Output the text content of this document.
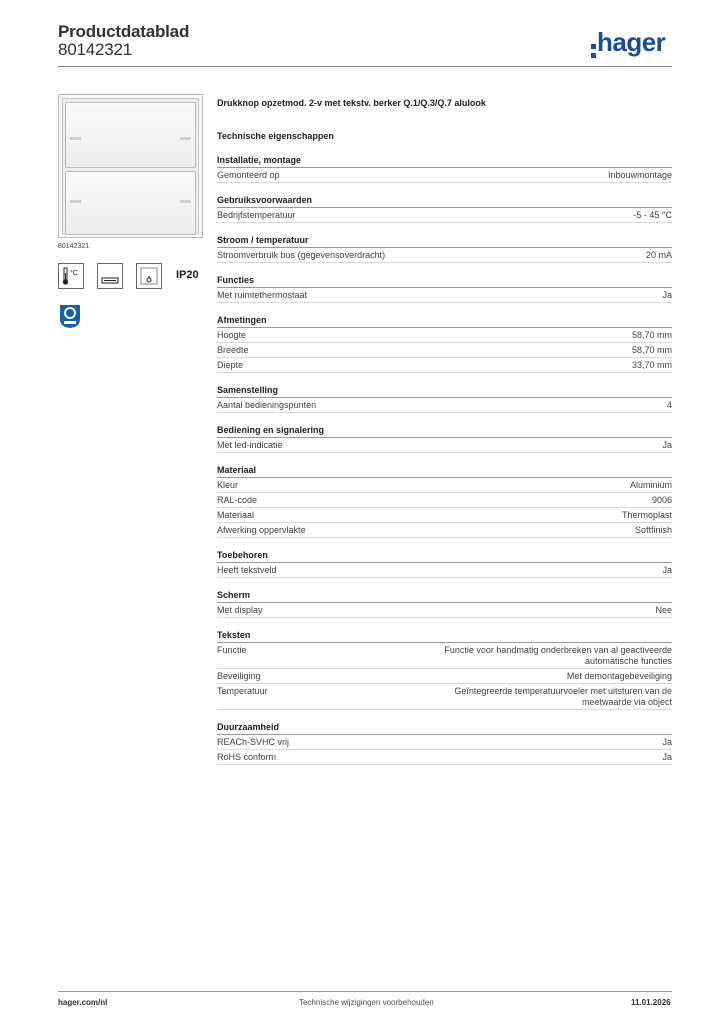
Productdatablad
80142321	hager
80142321
°C	IP20
Drukknop opzetmod. 2-v met tekstv. berker Q.1/Q.3/Q.7 alulook
Technische eigenschappen
Installatie, montage
Gemonteerd op	Inbouwmontage
Gebruiksvoorwaarden
Bedrijfstemperatuur	-5 - 45 °C
Stroom / temperatuur
Stroomverbruik bus (gegevensoverdracht)	20 mA
Functies
Met ruimtethermostaat	Ja
Afmetingen
Hoogte	58,70 mm
Breedte	58,70 mm
Diepte	33,70 mm
Samenstelling
Aantal bedieningspunten	4
Bediening en signalering
Met led-indicatie	Ja
Materiaal
Kleur	Aluminium
RAL-code	9006
Materiaal	Thermoplast
Afwerking oppervlakte	Softfinish
Toebehoren
Heeft tekstveld	Ja
Scherm
Met display	Nee
Teksten
Functie	Functie voor handmatig onderbreken van al geactiveerde automatische functies
Beveiliging	Met demontagebeveiliging
Temperatuur	Geïntegreerde temperatuurvoeler met uitsturen van de meetwaarde via object
Duurzaamheid
REACh-SVHC vrij	Ja
RoHS conform	Ja
hager.com/nl	Technische wijzigingen voorbehouden	11.01.2026
